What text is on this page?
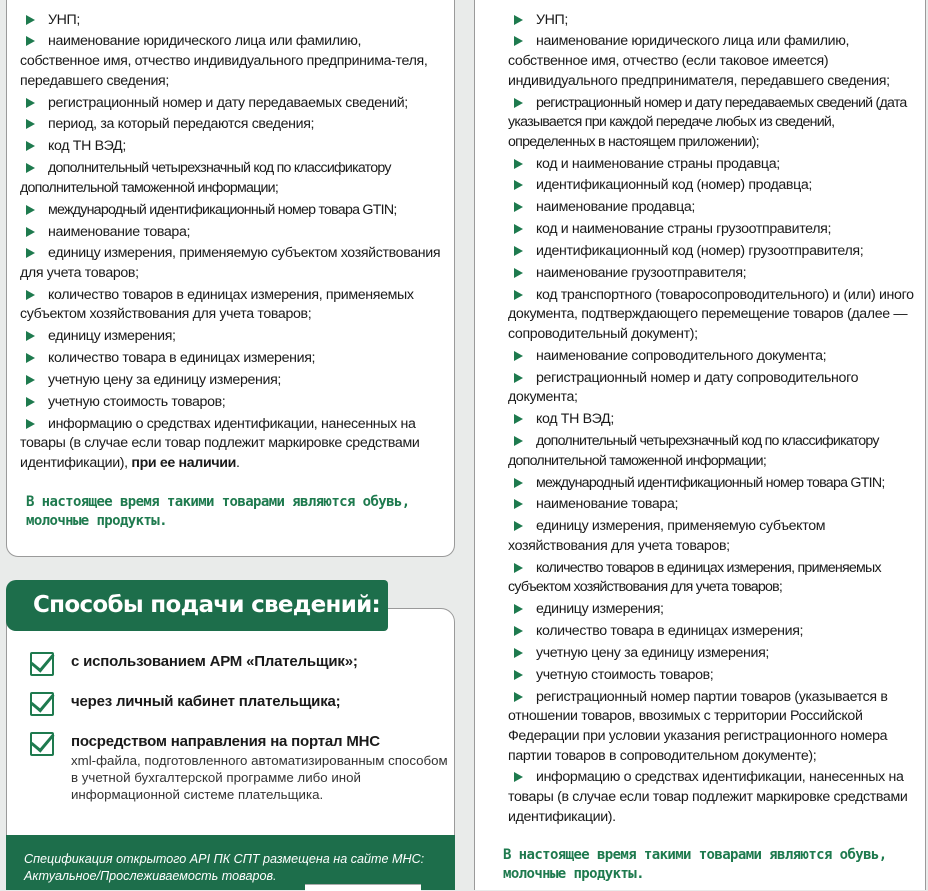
УНП;
наименование юридического лица или фамилию, собственное имя, отчество индивидуального предпринима-теля, передавшего сведения;
регистрационный номер и дату передаваемых сведений;
период, за который передаются сведения;
код ТН ВЭД;
дополнительный четырехзначный код по классификатору дополнительной таможенной информации;
международный идентификационный номер товара GTIN;
наименование товара;
единицу измерения, применяемую субъектом хозяйствования для учета товаров;
количество товаров в единицах измерения, применяемых субъектом хозяйствования для учета товаров;
единицу измерения;
количество товара в единицах измерения;
учетную цену за единицу измерения;
учетную стоимость товаров;
информацию о средствах идентификации, нанесенных на товары (в случае если товар подлежит маркировке средствами идентификации), при ее наличии.
В настоящее время такими товарами являются обувь, молочные продукты.
Способы подачи сведений:
с использованием АРМ «Плательщик»;
через личный кабинет плательщика;
посредством направления на портал МНС
xml-файла, подготовленного автоматизированным способом в учетной бухгалтерской программе либо иной информационной системе плательщика.
Спецификация открытого API ПК СПТ размещена на сайте МНС:
Актуальное/Прослеживаемость товаров.
УНП;
наименование юридического лица или фамилию, собственное имя, отчество (если таковое имеется) индивидуального предпринимателя, передавшего сведения;
регистрационный номер и дату передаваемых сведений (дата указывается при каждой передаче любых из сведений, определенных в настоящем приложении);
код и наименование страны продавца;
идентификационный код (номер) продавца;
наименование продавца;
код и наименование страны грузоотправителя;
идентификационный код (номер) грузоотправителя;
наименование грузоотправителя;
код транспортного (товаросопроводительного) и (или) иного документа, подтверждающего перемещение товаров (далее — сопроводительный документ);
наименование сопроводительного документа;
регистрационный номер и дату сопроводительного документа;
код ТН ВЭД;
дополнительный четырехзначный код по классификатору дополнительной таможенной информации;
международный идентификационный номер товара GTIN;
наименование товара;
единицу измерения, применяемую субъектом хозяйствования для учета товаров;
количество товаров в единицах измерения, применяемых субъектом хозяйствования для учета товаров;
единицу измерения;
количество товара в единицах измерения;
учетную цену за единицу измерения;
учетную стоимость товаров;
регистрационный номер партии товаров (указывается в отношении товаров, ввозимых с территории Российской Федерации при условии указания регистрационного номера партии товаров в сопроводительном документе);
информацию о средствах идентификации, нанесенных на товары (в случае если товар подлежит маркировке средствами идентификации).
В настоящее время такими товарами являются обувь, молочные продукты.
